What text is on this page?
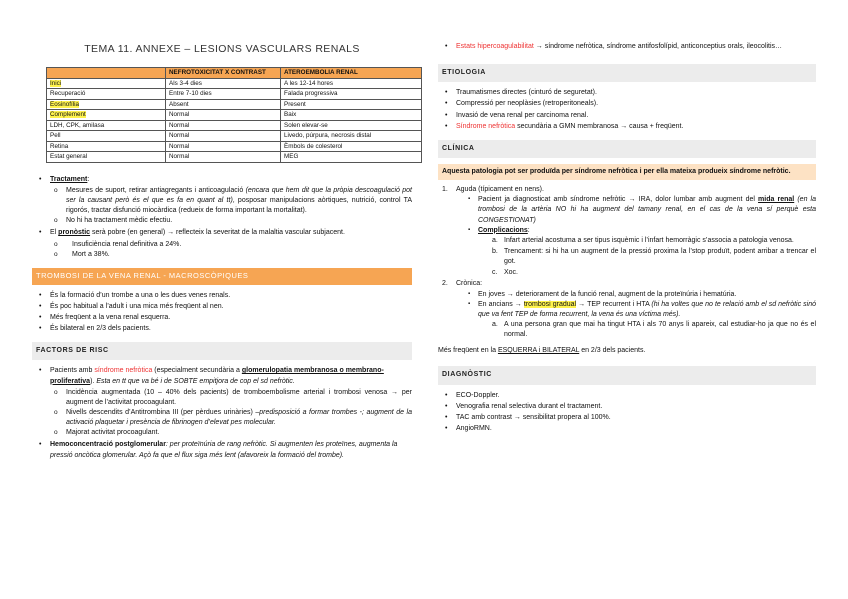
TEMA 11. ANNEXE – LESIONS VASCULARS RENALS
	NEFROTOXICITAT X CONTRAST	ATEROEMBOLIA RENAL
Inici	Als 3-4 dies	A les 12-14 hores
Recuperació	Entre 7-10 dies	Falada progressiva
Eosinofília	Absent	Present
Complement	Normal	Baix
LDH, CPK, amilasa	Normal	Solen elevar-se
Pell	Normal	Livedo, púrpura, necrosis distal
Retina	Normal	Èmbols de colesterol
Estat general	Normal	MEG
• Tractament:
o Mesures de suport, retirar antiagregants i anticoagulació (encara que hem dit que la pròpia descoagulació pot ser la causant però és el que es fa en quant al tt), posposar manipulacions aòrtiques, nutrició, control TA rigorós, tractar disfunció miocàrdica (redueix de forma important la mortalitat).
o No hi ha tractament mèdic efectiu.
• El pronòstic serà pobre (en general) → reflecteix la severitat de la malaltia vascular subjacent.
o Insuficiència renal definitiva a 24%.
o Mort a 38%.
TROMBOSI DE LA VENA RENAL - MACROSCÒPIQUES
• És la formació d’un trombe a una o les dues venes renals.
• És poc habitual a l’adult i una mica més freqüent al nen.
• Més freqüent a la vena renal esquerra.
• És bilateral en 2/3 dels pacients.
FACTORS DE RISC
• Pacients amb síndrome nefròtica (especialment secundària a glomerulopatia membranosa o membrano-proliferativa). Esta en tt que va bé i de SOBTE empitjora de cop el sd nefròtic.
o Incidència augmentada (10 – 40% dels pacients) de tromboembolisme arterial i trombosi venosa → per augment de l’activitat procoagulant.
o Nivells descendits d’Antitrombina III (per pèrdues urinàries) –predisposició a formar trombes -; augment de la activació plaquetar i presència de fibrinogen d’elevat pes molecular.
o Majorat activitat procoagulant.
• Hemoconcentració postglomerular: per proteïnúria de rang nefròtic. Si augmenten les proteïnes, augmenta la pressió oncòtica glomerular. Açò fa que el flux siga més lent (afavoreix la formació del trombe).
• Estats hipercoagulabilitat → síndrome nefròtica, síndrome antifosfolípid, anticonceptius orals, ileocolitis…
ETIOLOGIA
• Traumatismes directes (cinturó de seguretat).
• Compressió per neoplàsies (retroperitoneals).
• Invasió de vena renal per carcinoma renal.
• Síndrome nefròtica secundària a GMN membranosa → causa + freqüent.
CLÍNICA
Aquesta patologia pot ser produïda per síndrome nefròtica i per ella mateixa produeix síndrome nefròtic.
1. Aguda (típicament en nens).
▪ Pacient ja diagnosticat amb síndrome nefròtic → IRA, dolor lumbar amb augment del mida renal (en la trombosi de la artèria NO hi ha augment del tamany renal, en el cas de la vena sí perquè esta CONGESTIONAT)
▪ Complicacions:
a. Infart arterial acostuma a ser tipus isquèmic i l’infart hemorràgic s’associa a patologia venosa.
b. Trencament: si hi ha un augment de la pressió proxima la l’stop produït, podent arribar a trencar el got.
c. Xoc.
2. Crònica:
▪ En joves → deteriorament de la funció renal, augment de la proteïnúria i hematúria.
▪ En ancians → trombosi gradual → TEP recurrent i HTA (hi ha voltes que no te relació amb el sd nefròtic sinó que va fent TEP de forma recurrent, la vena és una víctima més).
a. A una persona gran que mai ha tingut HTA i als 70 anys li apareix, cal estudiar-ho ja que no és el normal.

Més freqüent en la ESQUERRA i BILATERAL en 2/3 dels pacients.

DIAGNÒSTIC
• ECO-Doppler.
• Venografia renal selectiva durant el tractament.
• TAC amb contrast → sensibilitat propera al 100%.
• AngioRMN.
